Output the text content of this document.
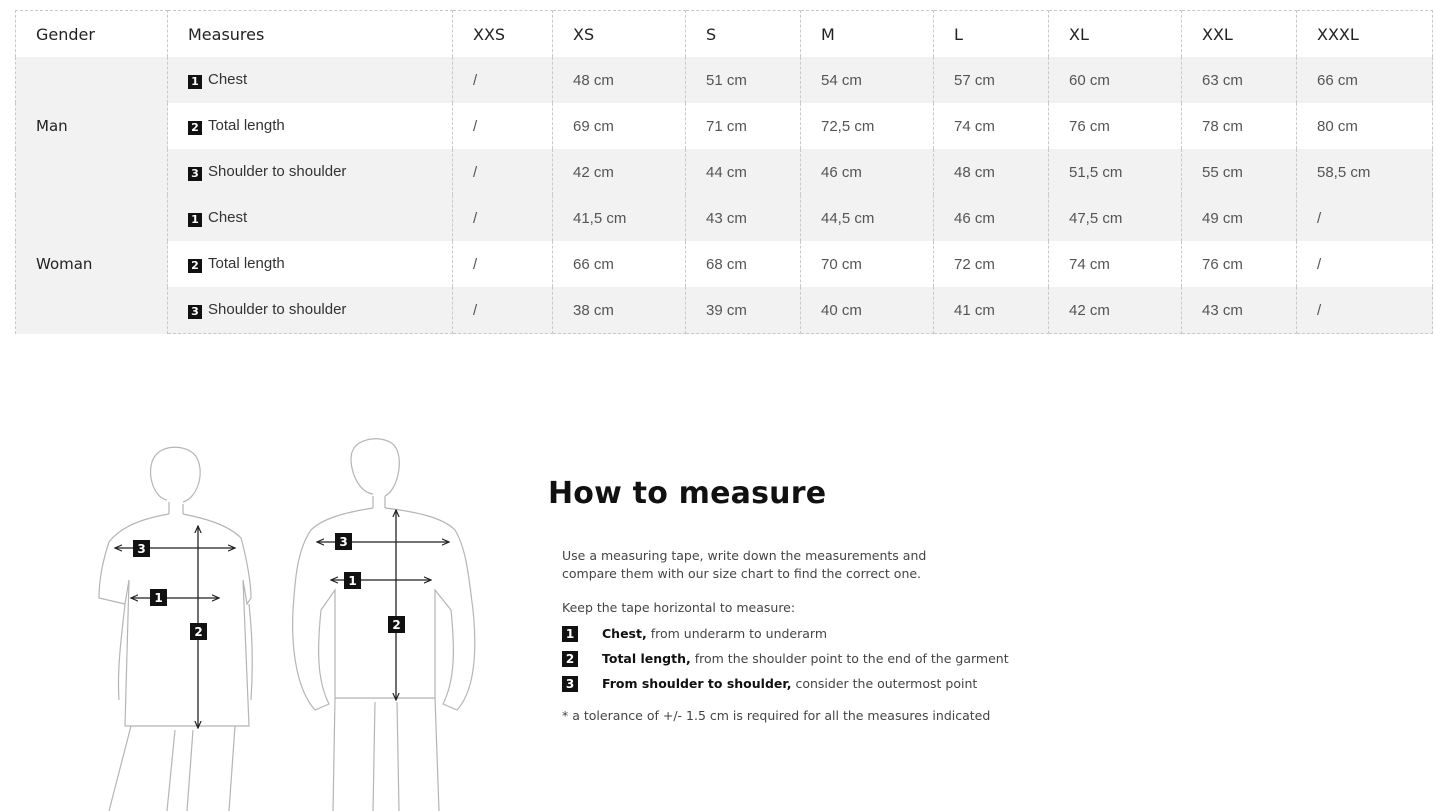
Gender	Measures	XXS	XS	S	M	L	XL	XXL	XXXL
Man	1 Chest	/	48 cm	51 cm	54 cm	57 cm	60 cm	63 cm	66 cm
	2 Total length	/	69 cm	71 cm	72,5 cm	74 cm	76 cm	78 cm	80 cm
	3 Shoulder to shoulder	/	42 cm	44 cm	46 cm	48 cm	51,5 cm	55 cm	58,5 cm
Woman	1 Chest	/	41,5 cm	43 cm	44,5 cm	46 cm	47,5 cm	49 cm	/
	2 Total length	/	66 cm	68 cm	70 cm	72 cm	74 cm	76 cm	/
	3 Shoulder to shoulder	/	38 cm	39 cm	40 cm	41 cm	42 cm	43 cm	/
3
1
2
3
1
2
How to measure

Use a measuring tape, write down the measurements and compare them with our size chart to find the correct one.

Keep the tape horizontal to measure:

1	Chest, from underarm to underarm
2	Total length, from the shoulder point to the end of the garment
3	From shoulder to shoulder, consider the outermost point

* a tolerance of +/- 1.5 cm is required for all the measures indicated
